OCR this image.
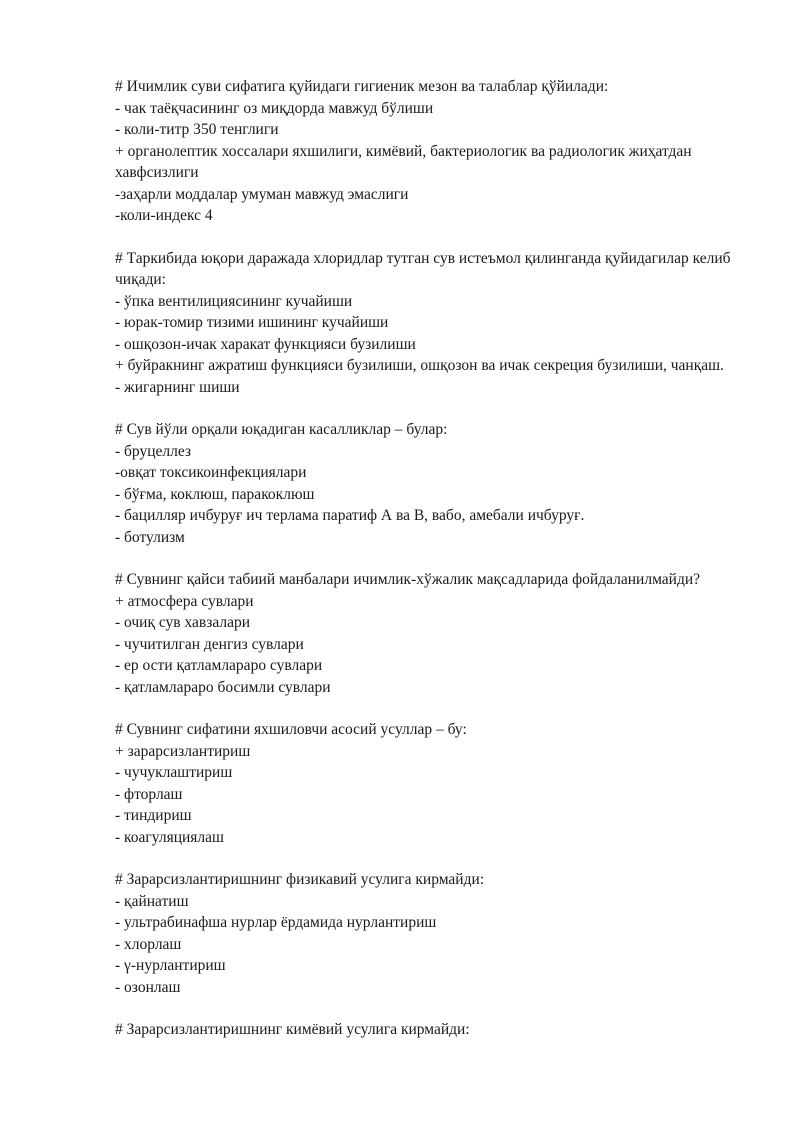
# Ичимлик суви сифатига қуйидаги гигиеник мезон ва талаблар қўйилади:
- чак таёқчасининг оз миқдорда мавжуд бўлиши
- коли-титр 350 тенглиги
+ органолептик хоссалари яхшилиги, кимёвий, бактериологик ва радиологик жиҳатдан хавфсизлиги
-заҳарли моддалар умуман мавжуд эмаслиги
-коли-индекс 4
# Таркибида юқори даражада хлоридлар тутган сув истеъмол қилинганда қуйидагилар келиб чиқади:
- ўпка вентилициясининг кучайиши
- юрак-томир тизими ишининг кучайиши
- ошқозон-ичак харакат функцияси бузилиши
+ буйракнинг ажратиш функцияси бузилиши, ошқозон ва ичак секреция бузилиши, чанқаш.
- жигарнинг шиши
# Сув йўли орқали юқадиган касалликлар – булар:
- бруцеллез
-овқат токсикоинфекциялари
- бўғма, коклюш, паракоклюш
- бацилляр ичбуруғ ич терлама паратиф А ва В, вабо, амебали ичбуруғ.
- ботулизм
# Сувнинг қайси табиий манбалари ичимлик-хўжалик мақсадларида фойдаланилмайди?
+ атмосфера сувлари
- очиқ сув хавзалари
- чучитилган денгиз сувлари
- ер ости қатламлараро сувлари
- қатламлараро босимли сувлари
# Сувнинг сифатини яхшиловчи асосий усуллар – бу:
+ зарарсизлантириш
- чучуклаштириш
- фторлаш
- тиндириш
- коагуляциялаш
# Зарарсизлантиришнинг физикавий усулига кирмайди:
- қайнатиш
- ультрабинафша нурлар ёрдамида нурлантириш
- хлорлаш
- γ-нурлантириш
- озонлаш
# Зарарсизлантиришнинг кимёвий усулига кирмайди:
